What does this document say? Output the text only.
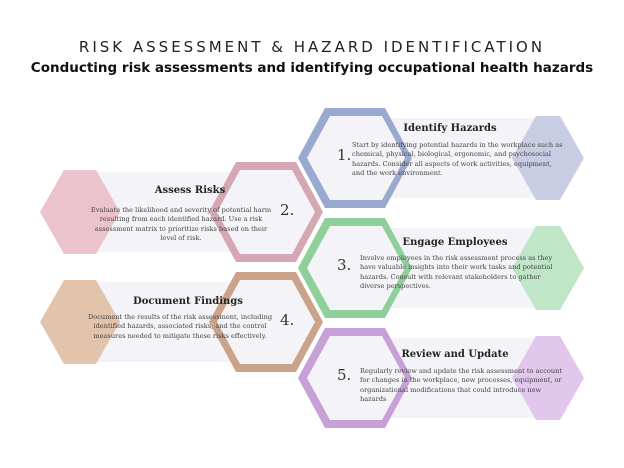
RISK ASSESSMENT & HAZARD IDENTIFICATION
Conducting risk assessments and identifying occupational health hazards
1.
Identify Hazards
Start by identifying potential hazards in the workplace such as chemical, physical, biological, ergonomic, and psychosocial hazards. Consider all aspects of work activities, equipment, and the work environment.
2.
Assess Risks
Evaluate the likelihood and severity of potential harm resulting from each identified hazard. Use a risk assessment matrix to prioritize risks based on their level of risk.
3.
Engage Employees
Involve employees in the risk assessment process as they have valuable insights into their work tasks and potential hazards. Consult with relevant stakeholders to gather diverse perspectives.
4.
Document Findings
Document the results of the risk assessment, including identified hazards, associated risks, and the control measures needed to mitigate these risks effectively.
5.
Review and Update
Regularly review and update the risk assessment to account for changes in the workplace, new processes, equipment, or organizational modifications that could introduce new hazards
